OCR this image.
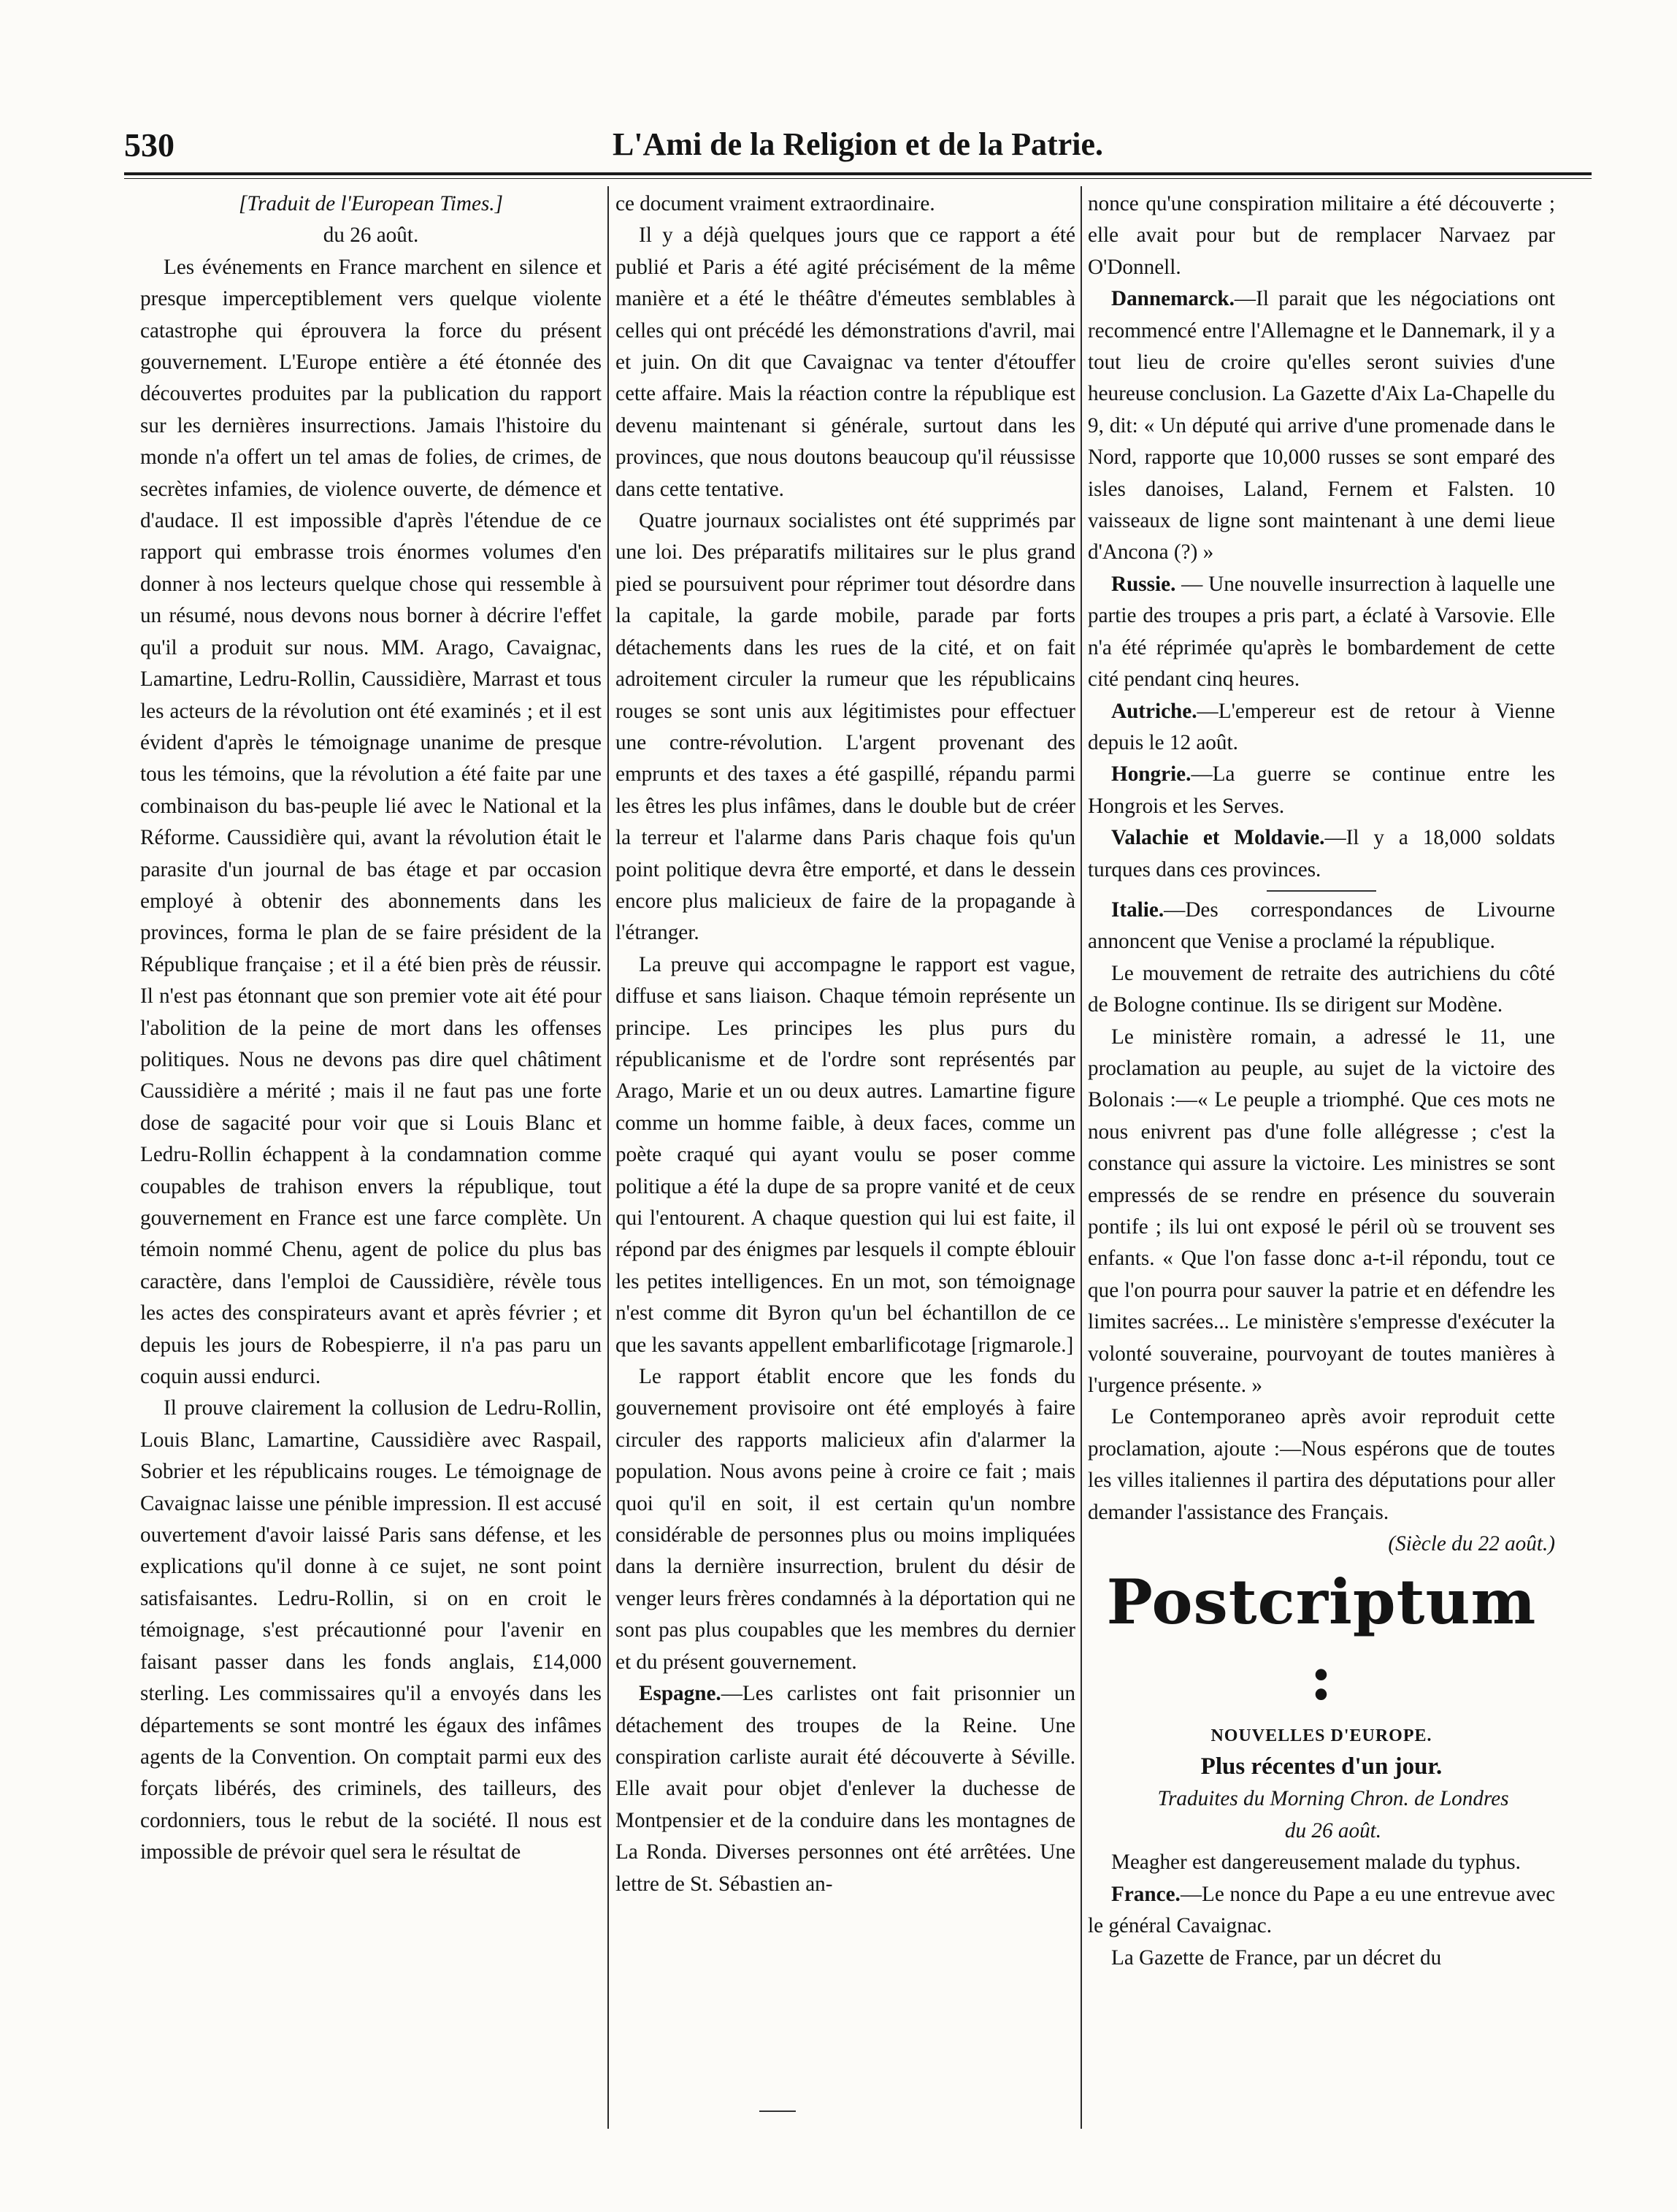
530	L'Ami de la Religion et de la Patrie.

[Traduit de l'European Times.]

du 26 août.

Les événements en France marchent en silence et presque imperceptiblement vers quelque violente catastrophe qui éprouvera la force du présent gouvernement. L'Europe entière a été étonnée des découvertes produites par la publication du rapport sur les dernières insurrections. Jamais l'histoire du monde n'a offert un tel amas de folies, de crimes, de secrètes infamies, de violence ouverte, de démence et d'audace. Il est impossible d'après l'étendue de ce rapport qui embrasse trois énormes volumes d'en donner à nos lecteurs quelque chose qui ressemble à un résumé, nous devons nous borner à décrire l'effet qu'il a produit sur nous. MM. Arago, Cavaignac, Lamartine, Ledru-Rollin, Caussidière, Marrast et tous les acteurs de la révolution ont été examinés ; et il est évident d'après le témoignage unanime de presque tous les témoins, que la révolution a été faite par une combinaison du bas-peuple lié avec le National et la Réforme. Caussidière qui, avant la révolution était le parasite d'un journal de bas étage et par occasion employé à obtenir des abonnements dans les provinces, forma le plan de se faire président de la République française ; et il a été bien près de réussir. Il n'est pas étonnant que son premier vote ait été pour l'abolition de la peine de mort dans les offenses politiques. Nous ne devons pas dire quel châtiment Caussidière a mérité ; mais il ne faut pas une forte dose de sagacité pour voir que si Louis Blanc et Ledru-Rollin échappent à la condamnation comme coupables de trahison envers la république, tout gouvernement en France est une farce complète. Un témoin nommé Chenu, agent de police du plus bas caractère, dans l'emploi de Caussidière, révèle tous les actes des conspirateurs avant et après février ; et depuis les jours de Robespierre, il n'a pas paru un coquin aussi endurci.

Il prouve clairement la collusion de Ledru-Rollin, Louis Blanc, Lamartine, Caussidière avec Raspail, Sobrier et les républicains rouges. Le témoignage de Cavaignac laisse une pénible impression. Il est accusé ouvertement d'avoir laissé Paris sans défense, et les explications qu'il donne à ce sujet, ne sont point satisfaisantes. Ledru-Rollin, si on en croit le témoignage, s'est précautionné pour l'avenir en faisant passer dans les fonds anglais, £14,000 sterling. Les commissaires qu'il a envoyés dans les départements se sont montré les égaux des infâmes agents de la Convention. On comptait parmi eux des forçats libérés, des criminels, des tailleurs, des cordonniers, tous le rebut de la société. Il nous est impossible de prévoir quel sera le résultat de

ce document vraiment extraordinaire.

Il y a déjà quelques jours que ce rapport a été publié et Paris a été agité précisément de la même manière et a été le théâtre d'émeutes semblables à celles qui ont précédé les démonstrations d'avril, mai et juin. On dit que Cavaignac va tenter d'étouffer cette affaire. Mais la réaction contre la république est devenu maintenant si générale, surtout dans les provinces, que nous doutons beaucoup qu'il réussisse dans cette tentative.

Quatre journaux socialistes ont été supprimés par une loi. Des préparatifs militaires sur le plus grand pied se poursuivent pour réprimer tout désordre dans la capitale, la garde mobile, parade par forts détachements dans les rues de la cité, et on fait adroitement circuler la rumeur que les républicains rouges se sont unis aux légitimistes pour effectuer une contre-révolution. L'argent provenant des emprunts et des taxes a été gaspillé, répandu parmi les êtres les plus infâmes, dans le double but de créer la terreur et l'alarme dans Paris chaque fois qu'un point politique devra être emporté, et dans le dessein encore plus malicieux de faire de la propagande à l'étranger.

La preuve qui accompagne le rapport est vague, diffuse et sans liaison. Chaque témoin représente un principe. Les principes les plus purs du républicanisme et de l'ordre sont représentés par Arago, Marie et un ou deux autres. Lamartine figure comme un homme faible, à deux faces, comme un poète craqué qui ayant voulu se poser comme politique a été la dupe de sa propre vanité et de ceux qui l'entourent. A chaque question qui lui est faite, il répond par des énigmes par lesquels il compte éblouir les petites intelligences. En un mot, son témoignage n'est comme dit Byron qu'un bel échantillon de ce que les savants appellent embarlificotage [rigmarole.]

Le rapport établit encore que les fonds du gouvernement provisoire ont été employés à faire circuler des rapports malicieux afin d'alarmer la population. Nous avons peine à croire ce fait ; mais quoi qu'il en soit, il est certain qu'un nombre considérable de personnes plus ou moins impliquées dans la dernière insurrection, brulent du désir de venger leurs frères condamnés à la déportation qui ne sont pas plus coupables que les membres du dernier et du présent gouvernement.

Espagne.—Les carlistes ont fait prisonnier un détachement des troupes de la Reine. Une conspiration carliste aurait été découverte à Séville. Elle avait pour objet d'enlever la duchesse de Montpensier et de la conduire dans les montagnes de La Ronda. Diverses personnes ont été arrêtées. Une lettre de St. Sébastien an-

nonce qu'une conspiration militaire a été découverte ; elle avait pour but de remplacer Narvaez par O'Donnell.

Dannemarck.—Il parait que les négociations ont recommencé entre l'Allemagne et le Dannemark, il y a tout lieu de croire qu'elles seront suivies d'une heureuse conclusion. La Gazette d'Aix La-Chapelle du 9, dit: « Un député qui arrive d'une promenade dans le Nord, rapporte que 10,000 russes se sont emparé des isles danoises, Laland, Fernem et Falsten. 10 vaisseaux de ligne sont maintenant à une demi lieue d'Ancona (?) »

Russie. — Une nouvelle insurrection à laquelle une partie des troupes a pris part, a éclaté à Varsovie. Elle n'a été réprimée qu'après le bombardement de cette cité pendant cinq heures.

Autriche.—L'empereur est de retour à Vienne depuis le 12 août.

Hongrie.—La guerre se continue entre les Hongrois et les Serves.

Valachie et Moldavie.—Il y a 18,000 soldats turques dans ces provinces.

Italie.—Des correspondances de Livourne annoncent que Venise a proclamé la république.

Le mouvement de retraite des autrichiens du côté de Bologne continue. Ils se dirigent sur Modène.

Le ministère romain, a adressé le 11, une proclamation au peuple, au sujet de la victoire des Bolonais :—« Le peuple a triomphé. Que ces mots ne nous enivrent pas d'une folle allégresse ; c'est la constance qui assure la victoire. Les ministres se sont empressés de se rendre en présence du souverain pontife ; ils lui ont exposé le péril où se trouvent ses enfants. « Que l'on fasse donc a-t-il répondu, tout ce que l'on pourra pour sauver la patrie et en défendre les limites sacrées... Le ministère s'empresse d'exécuter la volonté souveraine, pourvoyant de toutes manières à l'urgence présente. »

Le Contemporaneo après avoir reproduit cette proclamation, ajoute :—Nous espérons que de toutes les villes italiennes il partira des députations pour aller demander l'assistance des Français.

(Siècle du 22 août.)

Postcriptum :
NOUVELLES D'EUROPE.
Plus récentes d'un jour.

Traduites du Morning Chron. de Londres

du 26 août.

Meagher est dangereusement malade du typhus.

France.—Le nonce du Pape a eu une entrevue avec le général Cavaignac.

La Gazette de France, par un décret du
